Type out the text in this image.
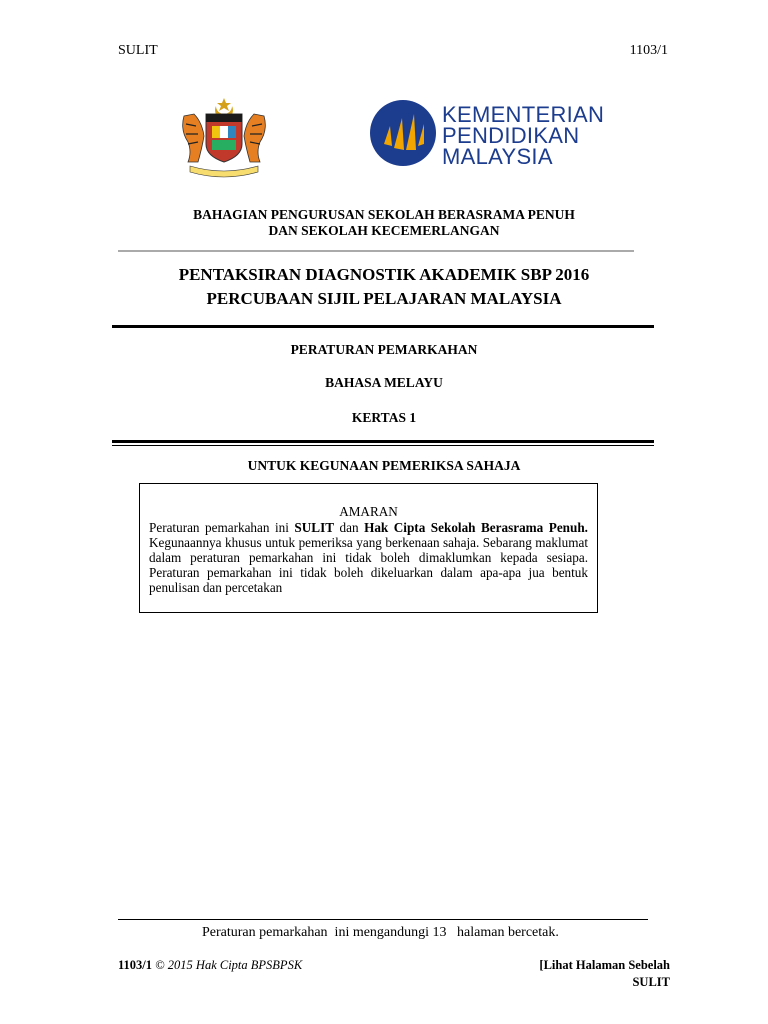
SULIT	1103/1
KEMENTERIAN
PENDIDIKAN
MALAYSIA
BAHAGIAN PENGURUSAN SEKOLAH BERASRAMA PENUH
DAN SEKOLAH KECEMERLANGAN
PENTAKSIRAN DIAGNOSTIK AKADEMIK SBP 2016
PERCUBAAN SIJIL PELAJARAN MALAYSIA
PERATURAN PEMARKAHAN
BAHASA MELAYU
KERTAS 1
UNTUK KEGUNAAN PEMERIKSA SAHAJA
AMARAN
Peraturan pemarkahan ini SULIT dan Hak Cipta Sekolah Berasrama Penuh. Kegunaannya khusus untuk pemeriksa yang berkenaan sahaja. Sebarang maklumat dalam peraturan pemarkahan ini tidak boleh dimaklumkan kepada sesiapa. Peraturan pemarkahan ini tidak boleh dikeluarkan dalam apa-apa jua bentuk penulisan dan percetakan
Peraturan pemarkahan  ini mengandungi 13   halaman bercetak.
1103/1 © 2015 Hak Cipta BPSBPSK	[Lihat Halaman Sebelah
SULIT
